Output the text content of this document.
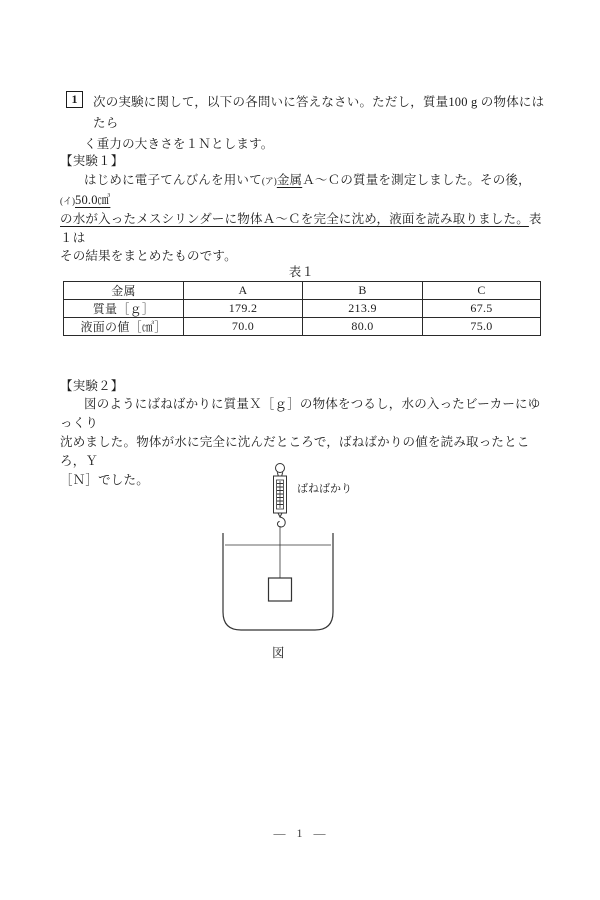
1 次の実験に関して，以下の各問いに答えなさい。ただし，質量100 g の物体にはたら
く重力の大きさを１Ｎとします。
【実験１】
はじめに電子てんびんを用いて(ア)金属Ａ～Ｃの質量を測定しました。その後，(イ)50.0㎤
の水が入ったメスシリンダーに物体Ａ～Ｃを完全に沈め，液面を読み取りました。表１は
その結果をまとめたものです。
表１
金属	A	B	C
質量［ｇ］	179.2	213.9	67.5
液面の値［㎤］	70.0	80.0	75.0
【実験２】
図のようにばねばかりに質量Ｘ［ｇ］の物体をつるし，水の入ったビーカーにゆっくり
沈めました。物体が水に完全に沈んだところで，ばねばかりの値を読み取ったところ，Ｙ
［Ｎ］でした。
ばねばかり
図
— 1 —
